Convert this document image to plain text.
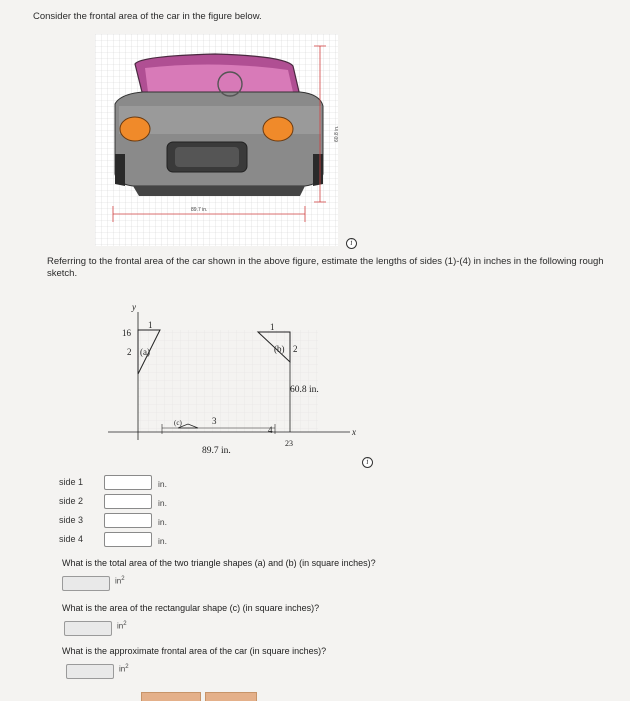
Consider the frontal area of the car in the figure below.
89.7 in.
60.8 in.
i
Referring to the frontal area of the car shown in the above figure, estimate the lengths of sides (1)-(4) in inches in the following rough sketch.
y
x
16
1
2 (a)
1
(b) 2
60.8 in.
(c)	3
4
89.7 in.
23
i
side 1	in.
side 2	in.
side 3	in.
side 4	in.
What is the total area of the two triangle shapes (a) and (b) (in square inches)?
$in^2$
What is the area of the rectangular shape (c) (in square inches)?
$in^2$
What is the approximate frontal area of the car (in square inches)?
$in^2$
